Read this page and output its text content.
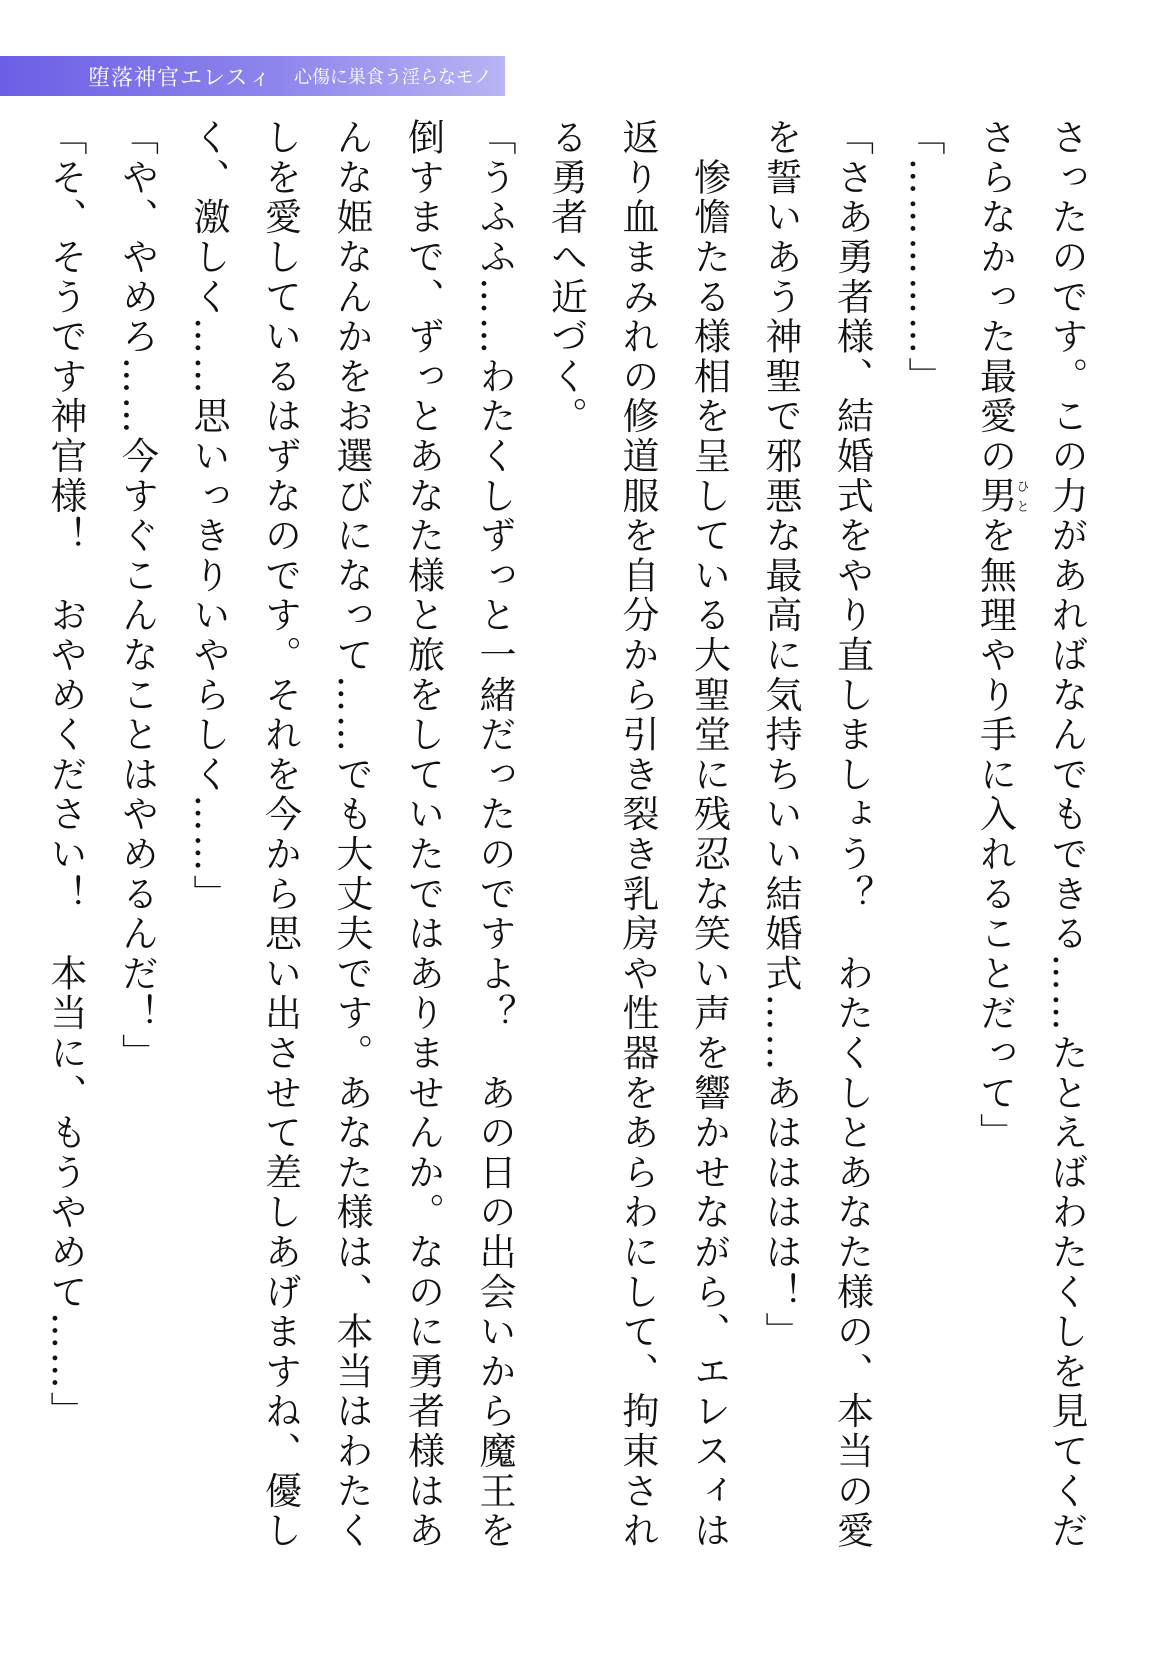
堕落神官エレスィ 心傷に巣食う淫らなモノ

さったのです。この力があればなんでもできる……たとえばわたくしを見てくだ

さらなかった最愛の男ひとを無理やり手に入れることだって」

「……………」

「さあ勇者様、結婚式をやり直しましょう？　わたくしとあなた様の、本当の愛

を誓いあう神聖で邪悪な最高に気持ちいい結婚式……あはははは！」

　惨憺たる様相を呈している大聖堂に残忍な笑い声を響かせながら、エレスィは

返り血まみれの修道服を自分から引き裂き乳房や性器をあらわにして、拘束され

る勇者へ近づく。

「うふふ……わたくしずっと一緒だったのですよ？　あの日の出会いから魔王を

倒すまで、ずっとあなた様と旅をしていたではありませんか。なのに勇者様はあ

んな姫なんかをお選びになって……でも大丈夫です。あなた様は、本当はわたく

しを愛しているはずなのです。それを今から思い出させて差しあげますね、優し

く、激しく……思いっきりいやらしく……」

「や、やめろ……今すぐこんなことはやめるんだ！」

「そ、そうです神官様！　おやめください！　本当に、もうやめて……」
